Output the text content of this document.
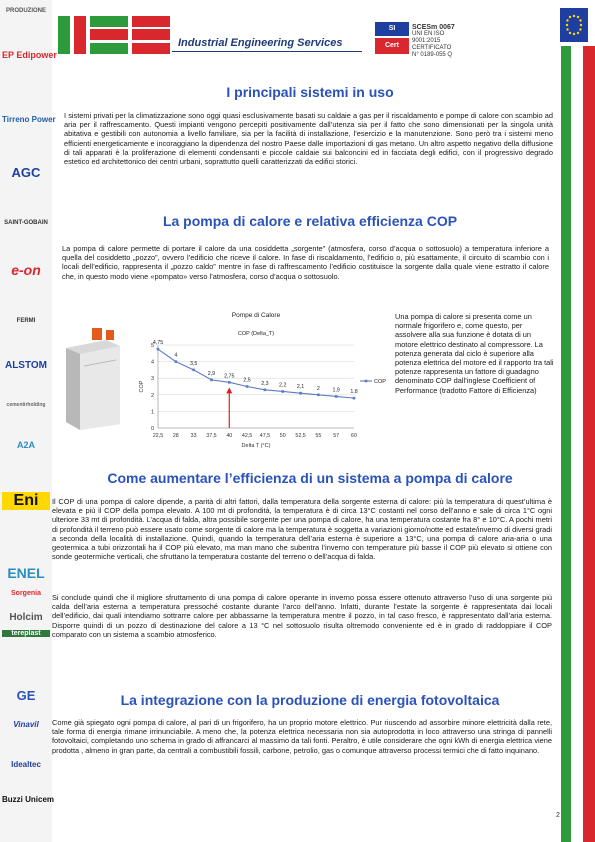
Industrial Engineering Services
SI
Cert
SCESm 0067
UNI EN ISO 9001:2015
CERTIFICATO
N° 0189-055 Q
PRODUZIONE
EP Edipower
Tirreno Power
AGC
SAINT-GOBAIN
e-on
FERMI
ALSTOM
cementirholding
A2A
Eni
ENEL
Sorgenia
Holcim
tereplast
GE
Vinavil
Idealtec
Buzzi Unicem
I principali sistemi in uso

I sistemi privati per la climatizzazione sono oggi quasi esclusivamente basati su caldaie a gas per il riscaldamento e pompe di calore con scambio ad aria per il raffrescamento. Questi impianti vengono percepiti positivamente dall’utenza sia per il fatto che sono dimensionati per la singola unità abitativa e gestibili con autonomia a livello familiare, sia per la facilità di installazione, l’esercizio e la manutenzione. Sono però tra i sistemi meno efficienti energeticamente e incoraggiano la dipendenza del nostro Paese dalle importazioni di gas metano. Un altro aspetto negativo della diffusione di tali apparati è la proliferazione di elementi condensanti e piccole caldaie sui balconcini ed in facciata degli edifici, con il progressivo degrado estetico ed architettonico dei centri urbani, soprattutto quelli caratterizzati da edifici storici.

La pompa di calore e relativa efficienza COP

La pompa di calore permette di portare il calore da una cosiddetta „sorgente” (atmosfera, corso d’acqua o sottosuolo) a temperatura inferiore a quella del cosiddetto „pozzo”, ovvero l’edificio che riceve il calore. In fase di riscaldamento, l’edificio o, più esattamente, il circuito di scambio con i locali dell’edificio, rappresenta il „pozzo caldo” mentre in fase di raffrescamento l’edificio costituisce la sorgente dalla quale viene estratto il calore che, in questo modo viene «pompato» verso l’atmosfera, corso d’acqua o sottosuolo.

Pompe di Calore
COP (Delta_T)
0
1
2
3
4
5
22,5 28 33 37,5 40 42,5 47,5 50 52,5 55 57 60
Delta T (°C)
COP
4,75
4
3,5
2,9 2,75
2,5
2,3 2,2 2,1 2 1,9 1,8
COP
Una pompa di calore si presenta come un normale frigorifero e, come questo, per assolvere alla sua funzione è dotata di un motore elettrico destinato al compressore. La potenza generata dal ciclo è superiore alla potenza elettrica del motore ed il rapporto tra tali potenze rappresenta un fattore di guadagno denominato COP dall’inglese Coefficient of Performance (tradotto Fattore di Efficienza)
Come aumentare l’efficienza di un sistema a pompa di calore

Il COP di una pompa di calore dipende, a parità di altri fattori, dalla temperatura della sorgente esterna di calore: più la temperatura di quest’ultima è elevata e più il COP della pompa elevato. A 100 mt di profondità, la temperatura è di circa 13°C costanti nel corso dell’anno e sale di circa 1°C ogni ulteriore 33 mt di profondità. L’acqua di falda, altra possibile sorgente per una pompa di calore, ha una temperatura costante fra 8° e 10°C. A pochi metri di profondità il terreno può essere usato come sorgente di calore ma la temperatura è soggetta a variazioni giorno/notte ed estate/inverno di diversi gradi a seconda della località di installazione. Quindi, quando la temperatura dell’aria esterna è superiore a 13°C, una pompa di calore aria-aria o una geotermica a tubi orizzontali ha il COP più elevato, ma man mano che subentra l’inverno con temperature più basse il COP più elevato si ottiene con sonde geotermiche verticali, che sfruttano la temperatura costante del terreno o dell’acqua di falda.

Si conclude quindi che il migliore sfruttamento di una pompa di calore operante in inverno possa essere ottenuto attraverso l’uso di una sorgente più calda dell’aria esterna a temperatura pressoché costante durante l’arco dell’anno. Infatti, durante l’estate la sorgente è rappresentata dai locali dell’edificio, dai quali intendiamo sottrarre calore per abbassarne la temperatura mentre il pozzo, in tal caso fresco, è rappresentato dall’aria esterna. Disporre quindi di un pozzo di destinazione del calore a 13 °C nel sottosuolo risulta oltremodo conveniente ed è in grado di raddoppiare il COP comparato con un sistema a scambio atmosferico.

La integrazione con la produzione di energia fotovoltaica

Come già spiegato ogni pompa di calore, al pari di un frigorifero, ha un proprio motore elettrico. Pur riuscendo ad assorbire minore elettricità dalla rete, tale forma di energia rimane irrinunciabile. A meno che, la potenza elettrica necessaria non sia autoprodotta in loco attraverso una stringa di pannelli fotovoltaici, completando uno schema in grado di affrancarci al massimo da tali fonti. Peraltro, è utile considerare che ogni kWh di energia elettrica viene prodotta , almeno in gran parte, da centrali a combustibili fossili, carbone, petrolio, gas o comunque attraverso processi termici che di fatto inquinano.

2
